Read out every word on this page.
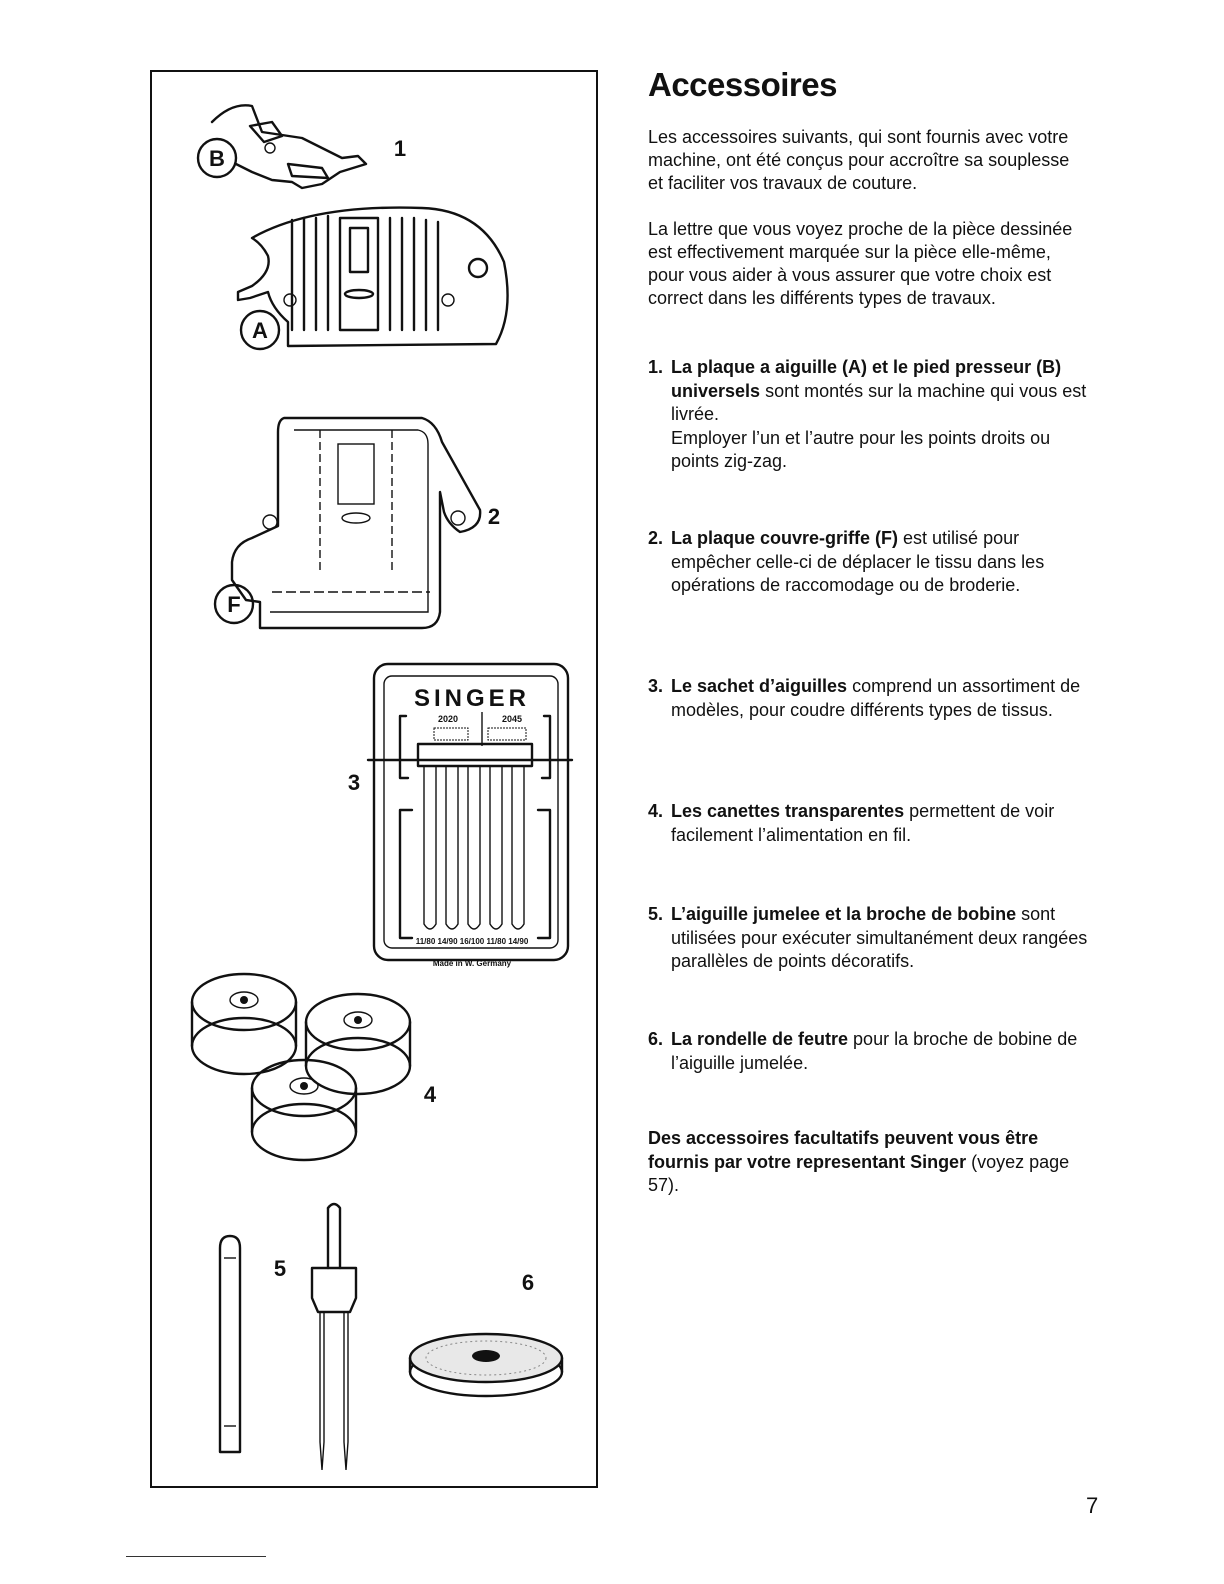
B	1
A
F
2
SINGER
2020	2045
11/80 14/90 16/100 11/80 14/90
Made in W. Germany
3
4
5
6
Accessoires

Les accessoires suivants, qui sont fournis avec votre machine, ont été conçus pour accroître sa souplesse et faciliter vos travaux de couture.

La lettre que vous voyez proche de la pièce dessinée est effectivement marquée sur la pièce elle-même, pour vous aider à vous assurer que votre choix est correct dans les différents types de travaux.

1. La plaque a aiguille (A) et le pied presseur (B) universels sont montés sur la machine qui vous est livrée.
Employer l’un et l’autre pour les points droits ou points zig-zag.
2. La plaque couvre-griffe (F) est utilisé pour empêcher celle-ci de déplacer le tissu dans les opérations de raccomodage ou de broderie.
3. Le sachet d’aiguilles comprend un assortiment de modèles, pour coudre différents types de tissus.
4. Les canettes transparentes permettent de voir facilement l’alimentation en fil.
5. L’aiguille jumelee et la broche de bobine sont utilisées pour exécuter simultanément deux rangées parallèles de points décoratifs.
6. La rondelle de feutre pour la broche de bobine de l’aiguille jumelée.
Des accessoires facultatifs peuvent vous être fournis par votre representant Singer (voyez page 57).
7
